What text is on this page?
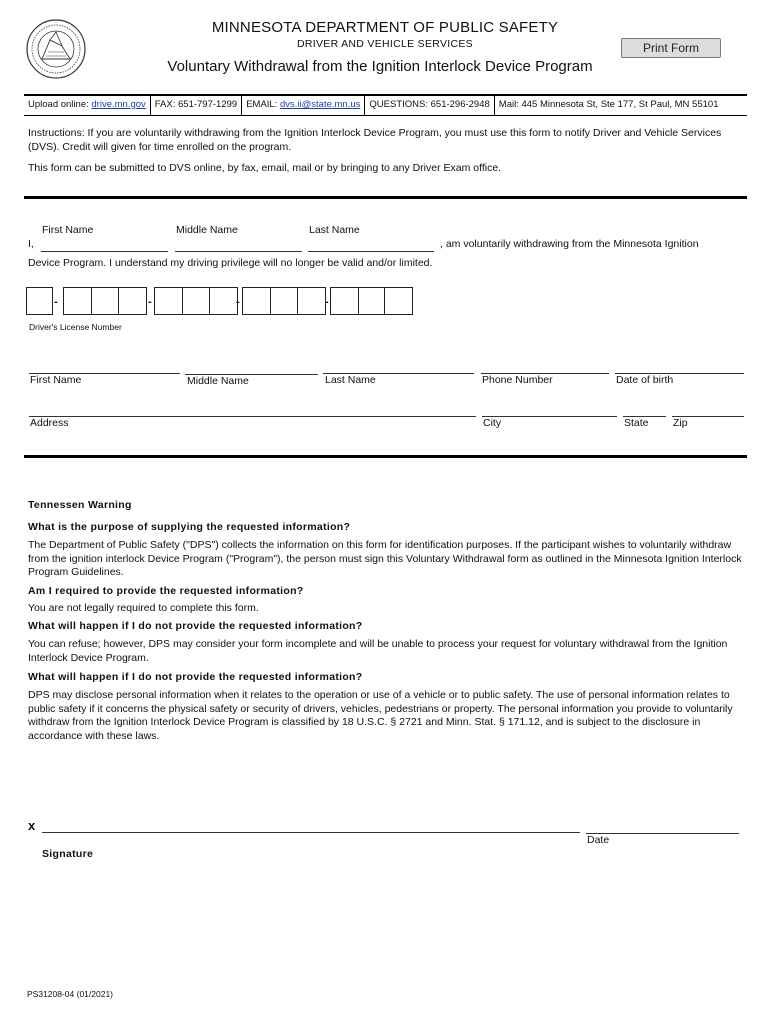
MINNESOTA DEPARTMENT OF PUBLIC SAFETY
DRIVER AND VEHICLE SERVICES
Voluntary Withdrawal from the Ignition Interlock Device Program
Print Form
Upload online: drive.mn.gov FAX: 651-797-1299 EMAIL: dvs.ii@state.mn.us QUESTIONS: 651-296-2948 Mail: 445 Minnesota St, Ste 177, St Paul, MN 55101
Instructions: If you are voluntarily withdrawing from the Ignition Interlock Device Program, you must use this form to notify Driver and Vehicle Services (DVS). Credit will given for time enrolled on the program.
This form can be submitted to DVS online, by fax, email, mail or by bringing to any Driver Exam office.
First Name	Middle Name	Last Name
I,	, am voluntarily withdrawing from the Minnesota Ignition
Device Program. I understand my driving privilege will no longer be valid and/or limited.
-	-	-	-
Driver's License Number
First Name	Middle Name	Last Name	Phone Number	Date of birth
Address	City	State Zip
Tennessen Warning
What is the purpose of supplying the requested information?
The Department of Public Safety ("DPS") collects the information on this form for identification purposes. If the participant wishes to voluntarily withdraw from the ignition interlock Device Program ("Program"), the person must sign this Voluntary Withdrawal form as outlined in the Minnesota Ignition Interlock Program Guidelines.
Am I required to provide the requested information?
You are not legally required to complete this form.
What will happen if I do not provide the requested information?
You can refuse; however, DPS may consider your form incomplete and will be unable to process your request for voluntary withdrawal from the Ignition Interlock Device Program.
What will happen if I do not provide the requested information?
DPS may disclose personal information when it relates to the operation or use of a vehicle or to public safety. The use of personal information relates to public safety if it concerns the physical safety or security of drivers, vehicles, pedestrians or property. The personal information you provide to voluntarily withdraw from the Ignition Interlock Device Program is classified by 18 U.S.C. § 2721 and Minn. Stat. § 171.12, and is subject to the disclosure in accordance with these laws.
x
Date
Signature
PS31208-04 (01/2021)
